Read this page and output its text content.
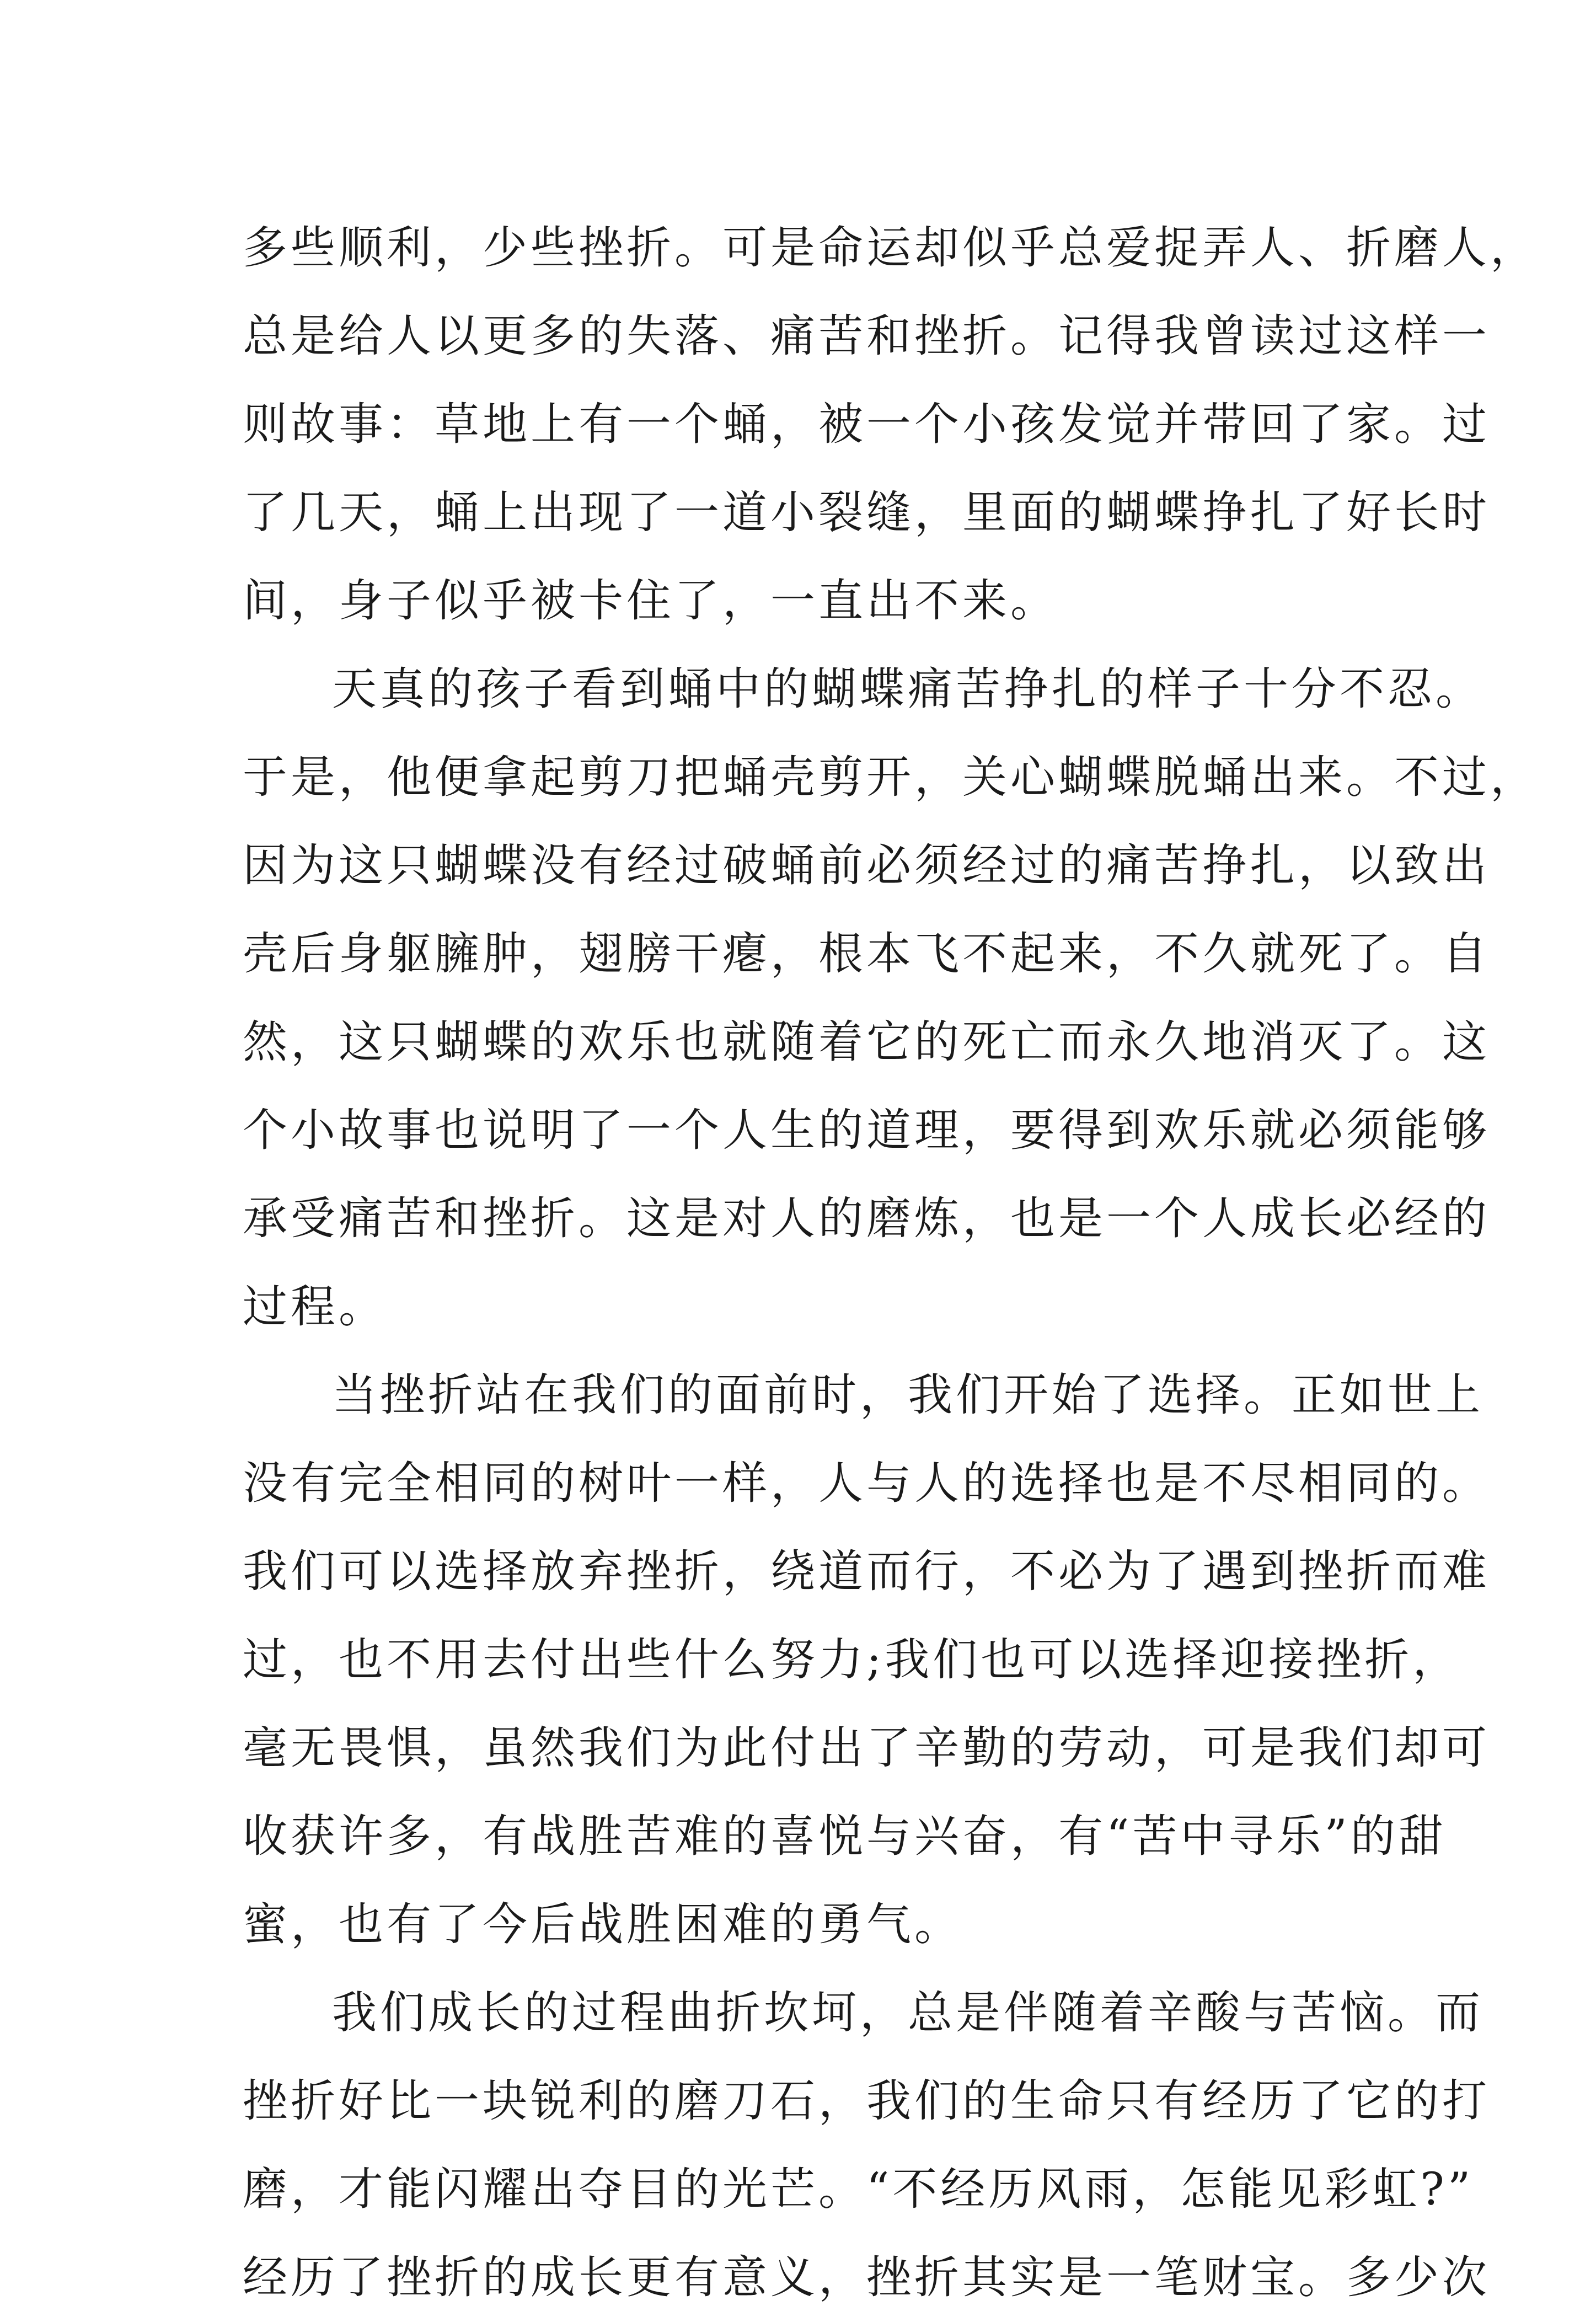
多些顺利，少些挫折。可是命运却似乎总爱捉弄人、折磨人，
总是给人以更多的失落、痛苦和挫折。记得我曾读过这样一
则故事：草地上有一个蛹，被一个小孩发觉并带回了家。过
了几天，蛹上出现了一道小裂缝，里面的蝴蝶挣扎了好长时
间，身子似乎被卡住了，一直出不来。
天真的孩子看到蛹中的蝴蝶痛苦挣扎的样子十分不忍。
于是，他便拿起剪刀把蛹壳剪开，关心蝴蝶脱蛹出来。不过，
因为这只蝴蝶没有经过破蛹前必须经过的痛苦挣扎，以致出
壳后身躯臃肿，翅膀干瘪，根本飞不起来，不久就死了。自
然，这只蝴蝶的欢乐也就随着它的死亡而永久地消灭了。这
个小故事也说明了一个人生的道理，要得到欢乐就必须能够
承受痛苦和挫折。这是对人的磨炼，也是一个人成长必经的
过程。
当挫折站在我们的面前时，我们开始了选择。正如世上
没有完全相同的树叶一样，人与人的选择也是不尽相同的。
我们可以选择放弃挫折，绕道而行，不必为了遇到挫折而难
过，也不用去付出些什么努力;我们也可以选择迎接挫折，
毫无畏惧，虽然我们为此付出了辛勤的劳动，可是我们却可
收获许多，有战胜苦难的喜悦与兴奋，有“苦中寻乐”的甜
蜜，也有了今后战胜困难的勇气。
我们成长的过程曲折坎坷，总是伴随着辛酸与苦恼。而
挫折好比一块锐利的磨刀石，我们的生命只有经历了它的打
磨，才能闪耀出夺目的光芒。“不经历风雨，怎能见彩虹?”
经历了挫折的成长更有意义，挫折其实是一笔财宝。多少次
